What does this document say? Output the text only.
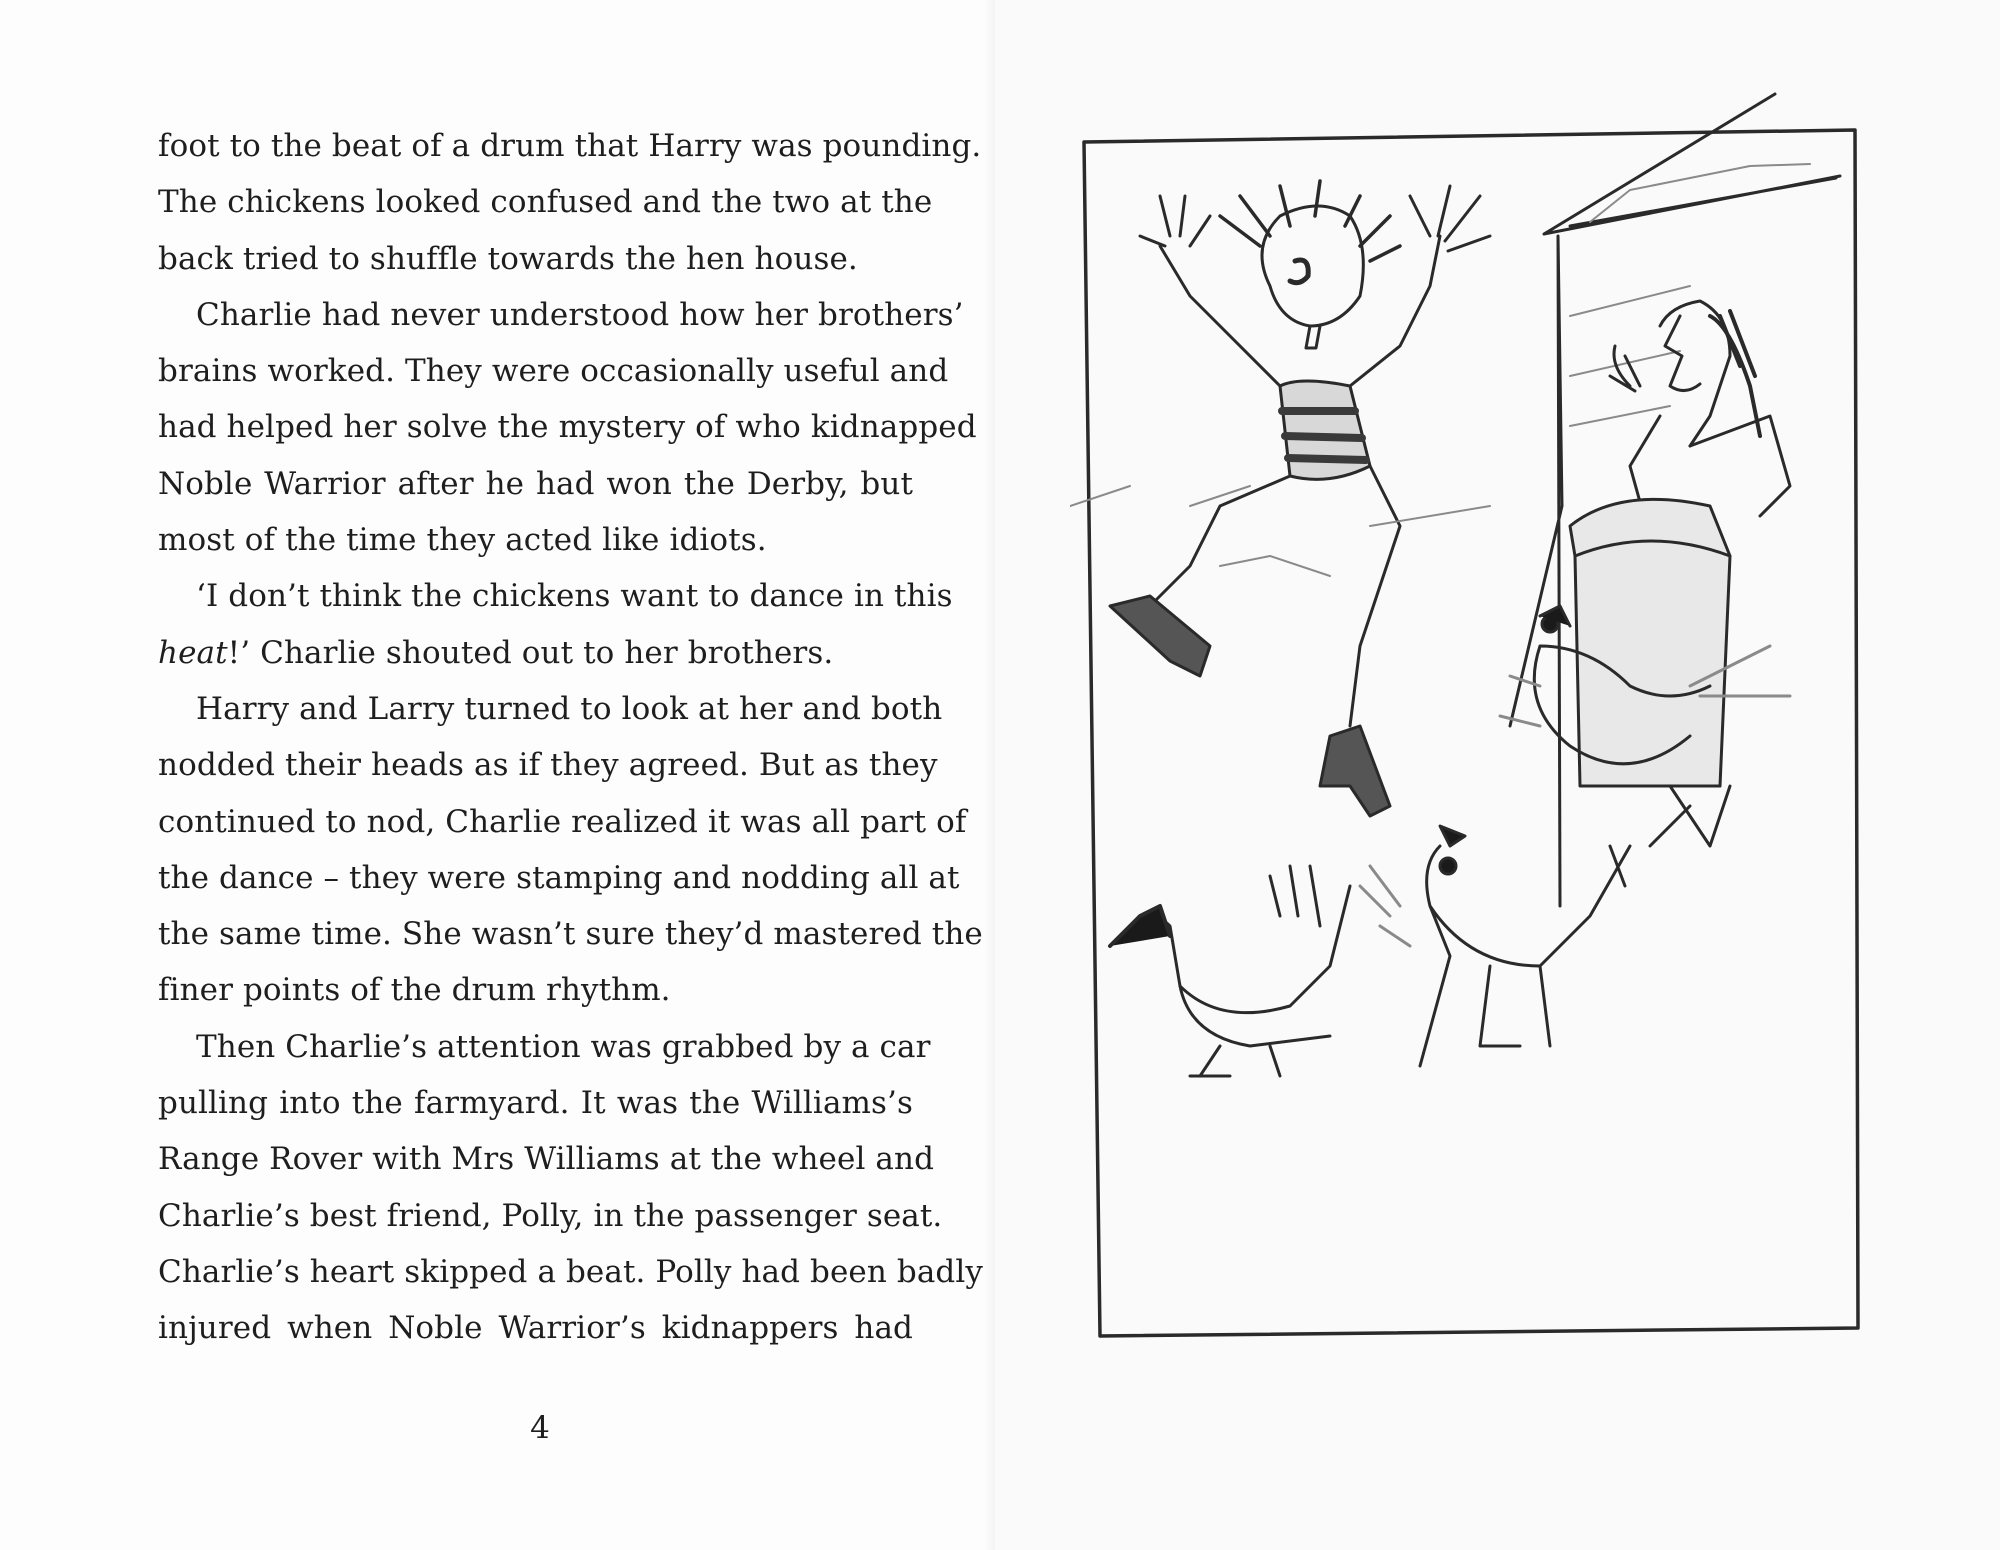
foot to the beat of a drum that Harry was pounding.
The chickens looked confused and the two at the
back tried to shuffle towards the hen house.
Charlie had never understood how her brothers’
brains worked. They were occasionally useful and
had helped her solve the mystery of who kidnapped
Noble Warrior after he had won the Derby, but
most of the time they acted like idiots.
‘I don’t think the chickens want to dance in this
heat!’ Charlie shouted out to her brothers.
Harry and Larry turned to look at her and both
nodded their heads as if they agreed. But as they
continued to nod, Charlie realized it was all part of
the dance – they were stamping and nodding all at
the same time. She wasn’t sure they’d mastered the
finer points of the drum rhythm.
Then Charlie’s attention was grabbed by a car
pulling into the farmyard. It was the Williams’s
Range Rover with Mrs Williams at the wheel and
Charlie’s best friend, Polly, in the passenger seat.
Charlie’s heart skipped a beat. Polly had been badly
injured when Noble Warrior’s kidnappers had
4
